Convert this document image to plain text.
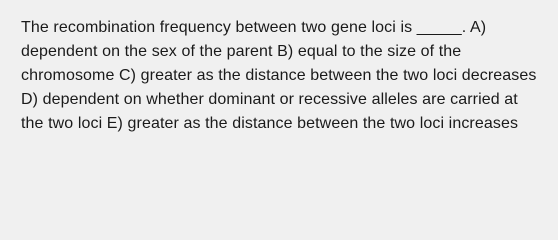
The recombination frequency between two gene loci is _____. A) dependent on the sex of the parent B) equal to the size of the chromosome C) greater as the distance between the two loci decreases D) dependent on whether dominant or recessive alleles are carried at the two loci E) greater as the distance between the two loci increases
